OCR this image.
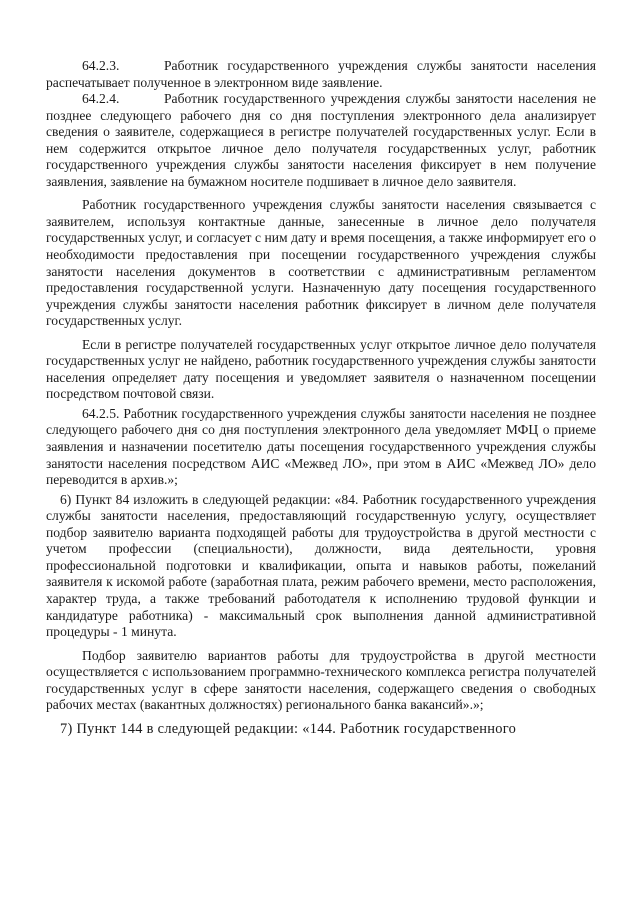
64.2.3.	Работник государственного учреждения службы занятости населения распечатывает полученное в электронном виде заявление.

64.2.4.	Работник государственного учреждения службы занятости населения не позднее следующего рабочего дня со дня поступления электронного дела анализирует сведения о заявителе, содержащиеся в регистре получателей государственных услуг. Если в нем содержится открытое личное дело получателя государственных услуг, работник государственного учреждения службы занятости населения фиксирует в нем получение заявления, заявление на бумажном носителе подшивает в личное дело заявителя.

Работник государственного учреждения службы занятости населения связывается с заявителем, используя контактные данные, занесенные в личное дело получателя государственных услуг, и согласует с ним дату и время посещения, а также информирует его о необходимости предоставления при посещении государственного учреждения службы занятости населения документов в соответствии с административным регламентом предоставления государственной услуги. Назначенную дату посещения государственного учреждения службы занятости населения работник фиксирует в личном деле получателя государственных услуг.

Если в регистре получателей государственных услуг открытое личное дело получателя государственных услуг не найдено, работник государственного учреждения службы занятости населения определяет дату посещения и уведомляет заявителя о назначенном посещении посредством почтовой связи.

64.2.5. Работник государственного учреждения службы занятости населения не позднее следующего рабочего дня со дня поступления электронного дела уведомляет МФЦ о приеме заявления и назначении посетителю даты посещения государственного учреждения службы занятости населения посредством АИС «Межвед ЛО», при этом в АИС «Межвед ЛО» дело переводится в архив.»;

6) Пункт 84 изложить в следующей редакции: «84. Работник государственного учреждения службы занятости населения, предоставляющий государственную услугу, осуществляет подбор заявителю варианта подходящей работы для трудоустройства в другой местности с учетом профессии (специальности), должности, вида деятельности, уровня профессиональной подготовки и квалификации, опыта и навыков работы, пожеланий заявителя к искомой работе (заработная плата, режим рабочего времени, место расположения, характер труда, а также требований работодателя к исполнению трудовой функции и кандидатуре работника) - максимальный срок выполнения данной административной процедуры - 1 минута.

Подбор заявителю вариантов работы для трудоустройства в другой местности осуществляется с использованием программно-технического комплекса регистра получателей государственных услуг в сфере занятости населения, содержащего сведения о свободных рабочих местах (вакантных должностях) регионального банка вакансий».»;

7) Пункт 144 в следующей редакции: «144. Работник государственного
